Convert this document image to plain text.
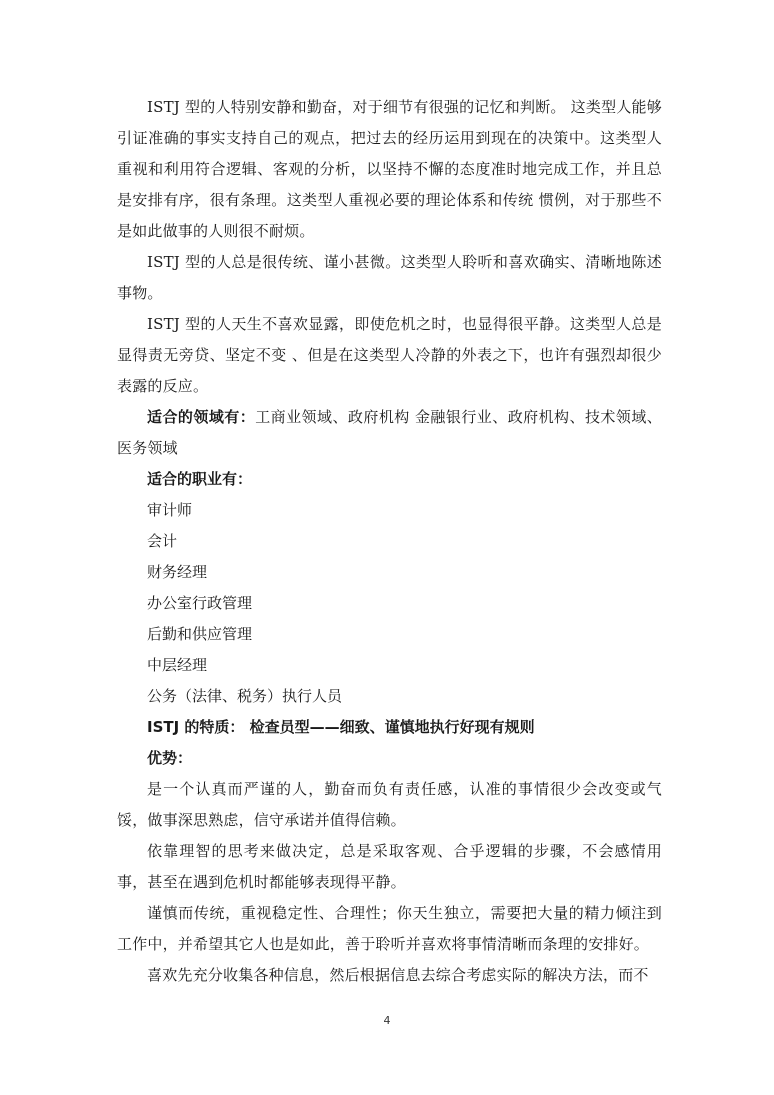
ISTJ 型的人特别安静和勤奋，对于细节有很强的记忆和判断。 这类型人能够引证准确的事实支持自己的观点，把过去的经历运用到现在的决策中。这类型人重视和利用符合逻辑、客观的分析，以坚持不懈的态度准时地完成工作，并且总是安排有序，很有条理。这类型人重视必要的理论体系和传统 惯例，对于那些不是如此做事的人则很不耐烦。

ISTJ 型的人总是很传统、谨小甚微。这类型人聆听和喜欢确实、清晰地陈述事物。

ISTJ 型的人天生不喜欢显露，即使危机之时，也显得很平静。这类型人总是显得责无旁贷、坚定不变 、但是在这类型人冷静的外表之下，也许有强烈却很少表露的反应。

适合的领域有：工商业领域、政府机构 金融银行业、政府机构、技术领域、医务领域

适合的职业有：

审计师

会计

财务经理

办公室行政管理

后勤和供应管理

中层经理

公务（法律、税务）执行人员

ISTJ 的特质： 检查员型——细致、谨慎地执行好现有规则

优势：

是一个认真而严谨的人，勤奋而负有责任感，认准的事情很少会改变或气馁，做事深思熟虑，信守承诺并值得信赖。

依靠理智的思考来做决定，总是采取客观、合乎逻辑的步骤，不会感情用事，甚至在遇到危机时都能够表现得平静。

谨慎而传统，重视稳定性、合理性；你天生独立，需要把大量的精力倾注到工作中，并希望其它人也是如此，善于聆听并喜欢将事情清晰而条理的安排好。

喜欢先充分收集各种信息，然后根据信息去综合考虑实际的解决方法，而不

4
